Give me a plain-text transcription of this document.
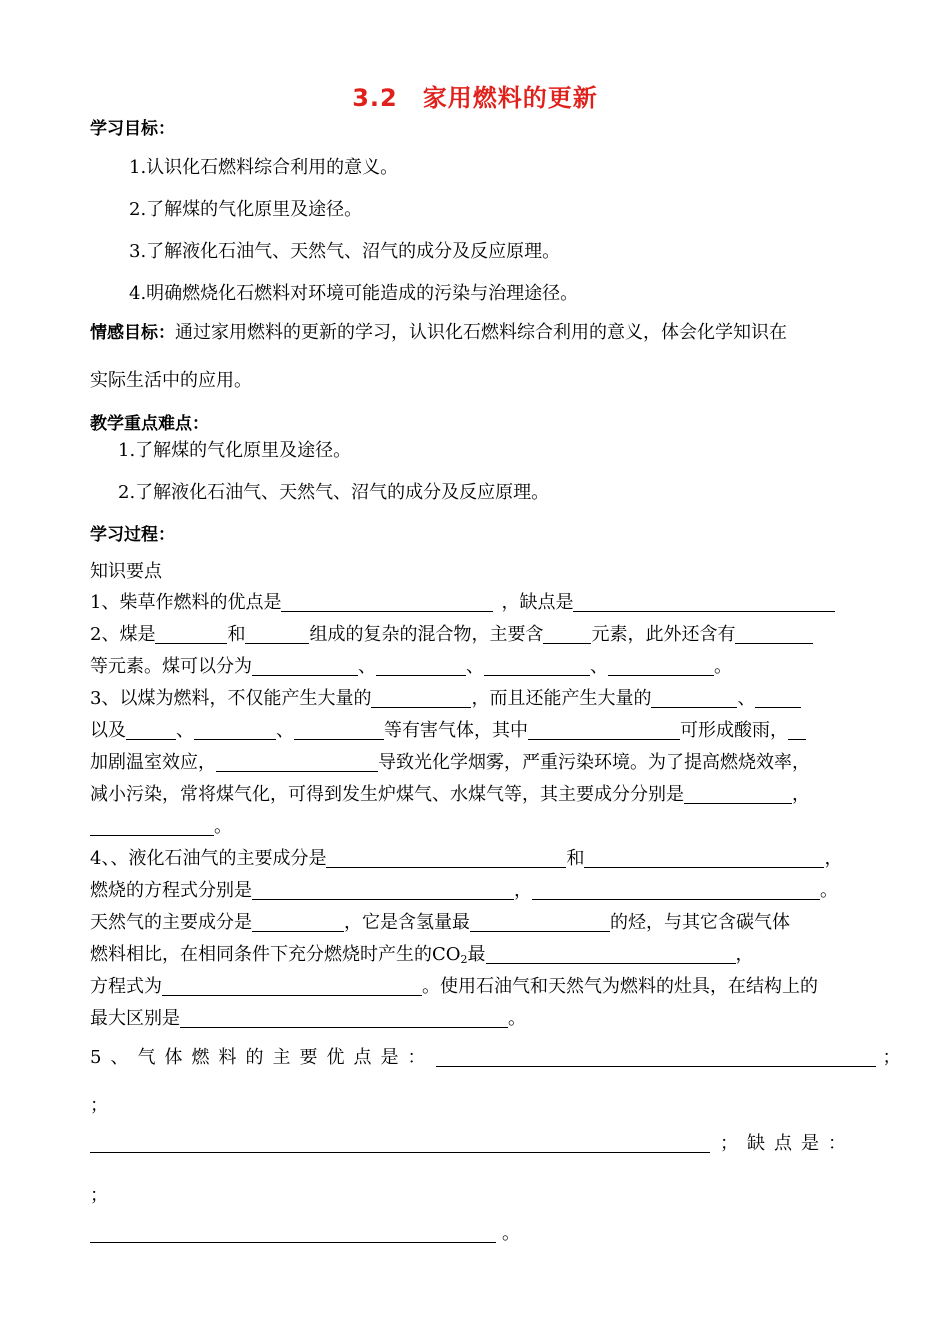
3.2　家用燃料的更新
学习目标：
1.认识化石燃料综合利用的意义。
2.了解煤的气化原里及途径。
3.了解液化石油气、天然气、沼气的成分及反应原理。
4.明确燃烧化石燃料对环境可能造成的污染与治理途径。
情感目标：通过家用燃料的更新的学习，认识化石燃料综合利用的意义，体会化学知识在
实际生活中的应用。
教学重点难点：
1.了解煤的气化原里及途径。
2.了解液化石油气、天然气、沼气的成分及反应原理。
学习过程：
知识要点
1、柴草作燃料的优点是	，缺点是
2、煤是	和	组成的复杂的混合物，主要含	元素，此外还含有
等元素。煤可以分为	、	、	、	。
3、以煤为燃料，不仅能产生大量的	，而且还能产生大量的	、
以及	、	、	等有害气体，其中	可形成酸雨，
加剧温室效应，	导致光化学烟雾，严重污染环境。为了提高燃烧效率，
减小污染，常将煤气化，可得到发生炉煤气、水煤气等，其主要成分分别是	，
。
4、、液化石油气的主要成分是	和	，
燃烧的方程式分别是	，	。
天然气的主要成分是	，它是含氢量最	的烃，与其它含碳气体
燃料相比，在相同条件下充分燃烧时产生的$CO_2$最	，
方程式为	。使用石油气和天然气为燃料的灶具，在结构上的
最大区别是	。
5、气体燃料的主要优点是：	；
；
；缺点是：
；
。
